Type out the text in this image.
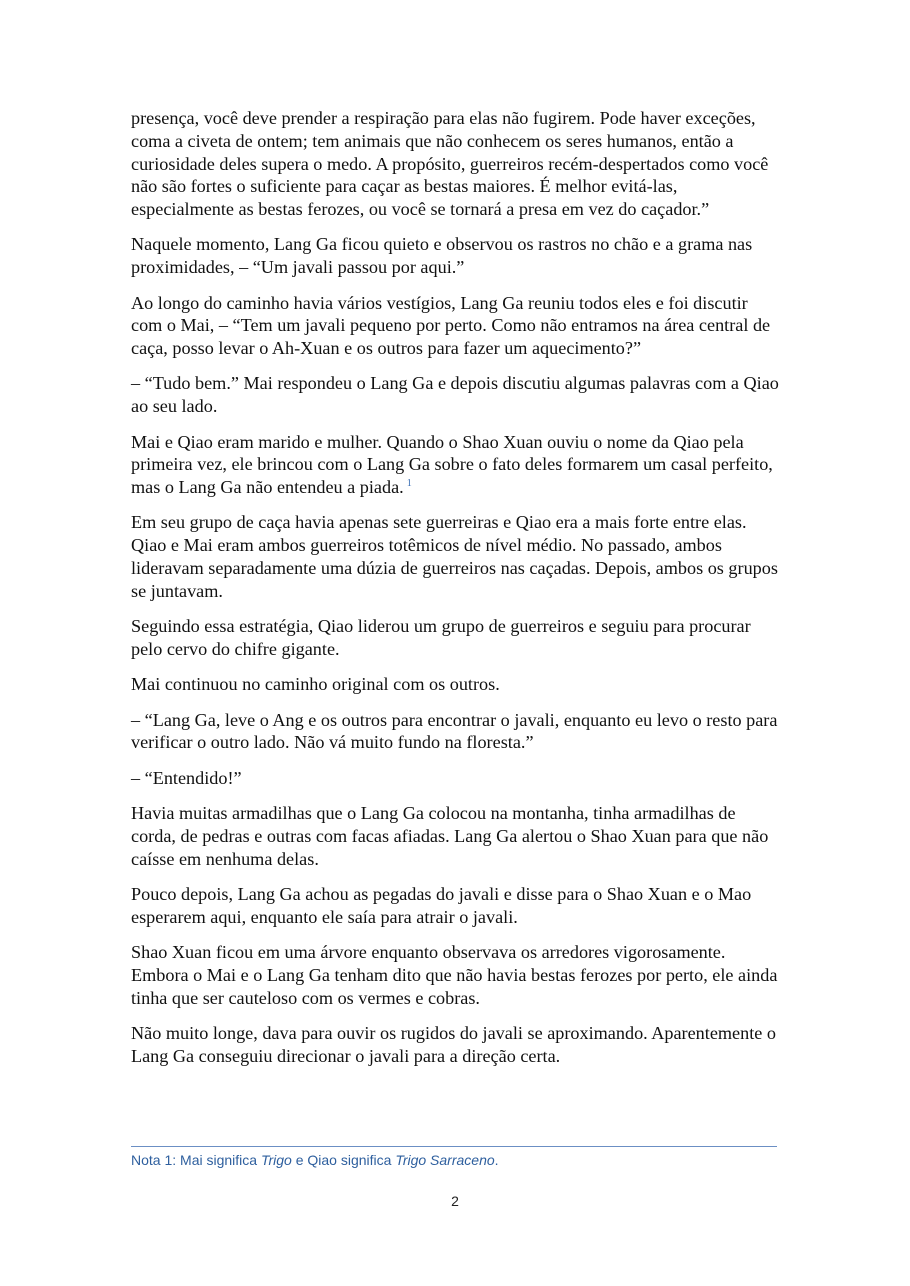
presença, você deve prender a respiração para elas não fugirem. Pode haver exceções, coma a civeta de ontem; tem animais que não conhecem os seres humanos, então a curiosidade deles supera o medo. A propósito, guerreiros recém-despertados como você não são fortes o suficiente para caçar as bestas maiores. É melhor evitá-las, especialmente as bestas ferozes, ou você se tornará a presa em vez do caçador.”

Naquele momento, Lang Ga ficou quieto e observou os rastros no chão e a grama nas proximidades, – “Um javali passou por aqui.”

Ao longo do caminho havia vários vestígios, Lang Ga reuniu todos eles e foi discutir com o Mai, – “Tem um javali pequeno por perto. Como não entramos na área central de caça, posso levar o Ah-Xuan e os outros para fazer um aquecimento?”

– “Tudo bem.” Mai respondeu o Lang Ga e depois discutiu algumas palavras com a Qiao ao seu lado.

Mai e Qiao eram marido e mulher. Quando o Shao Xuan ouviu o nome da Qiao pela primeira vez, ele brincou com o Lang Ga sobre o fato deles formarem um casal perfeito, mas o Lang Ga não entendeu a piada. $^1$

Em seu grupo de caça havia apenas sete guerreiras e Qiao era a mais forte entre elas. Qiao e Mai eram ambos guerreiros totêmicos de nível médio. No passado, ambos lideravam separadamente uma dúzia de guerreiros nas caçadas. Depois, ambos os grupos se juntavam.

Seguindo essa estratégia, Qiao liderou um grupo de guerreiros e seguiu para procurar pelo cervo do chifre gigante.

Mai continuou no caminho original com os outros.

– “Lang Ga, leve o Ang e os outros para encontrar o javali, enquanto eu levo o resto para verificar o outro lado. Não vá muito fundo na floresta.”

– “Entendido!”

Havia muitas armadilhas que o Lang Ga colocou na montanha, tinha armadilhas de corda, de pedras e outras com facas afiadas. Lang Ga alertou o Shao Xuan para que não caísse em nenhuma delas.

Pouco depois, Lang Ga achou as pegadas do javali e disse para o Shao Xuan e o Mao esperarem aqui, enquanto ele saía para atrair o javali.

Shao Xuan ficou em uma árvore enquanto observava os arredores vigorosamente. Embora o Mai e o Lang Ga tenham dito que não havia bestas ferozes por perto, ele ainda tinha que ser cauteloso com os vermes e cobras.

Não muito longe, dava para ouvir os rugidos do javali se aproximando. Aparentemente o Lang Ga conseguiu direcionar o javali para a direção certa.

Nota 1: Mai significa Trigo e Qiao significa Trigo Sarraceno.
2
